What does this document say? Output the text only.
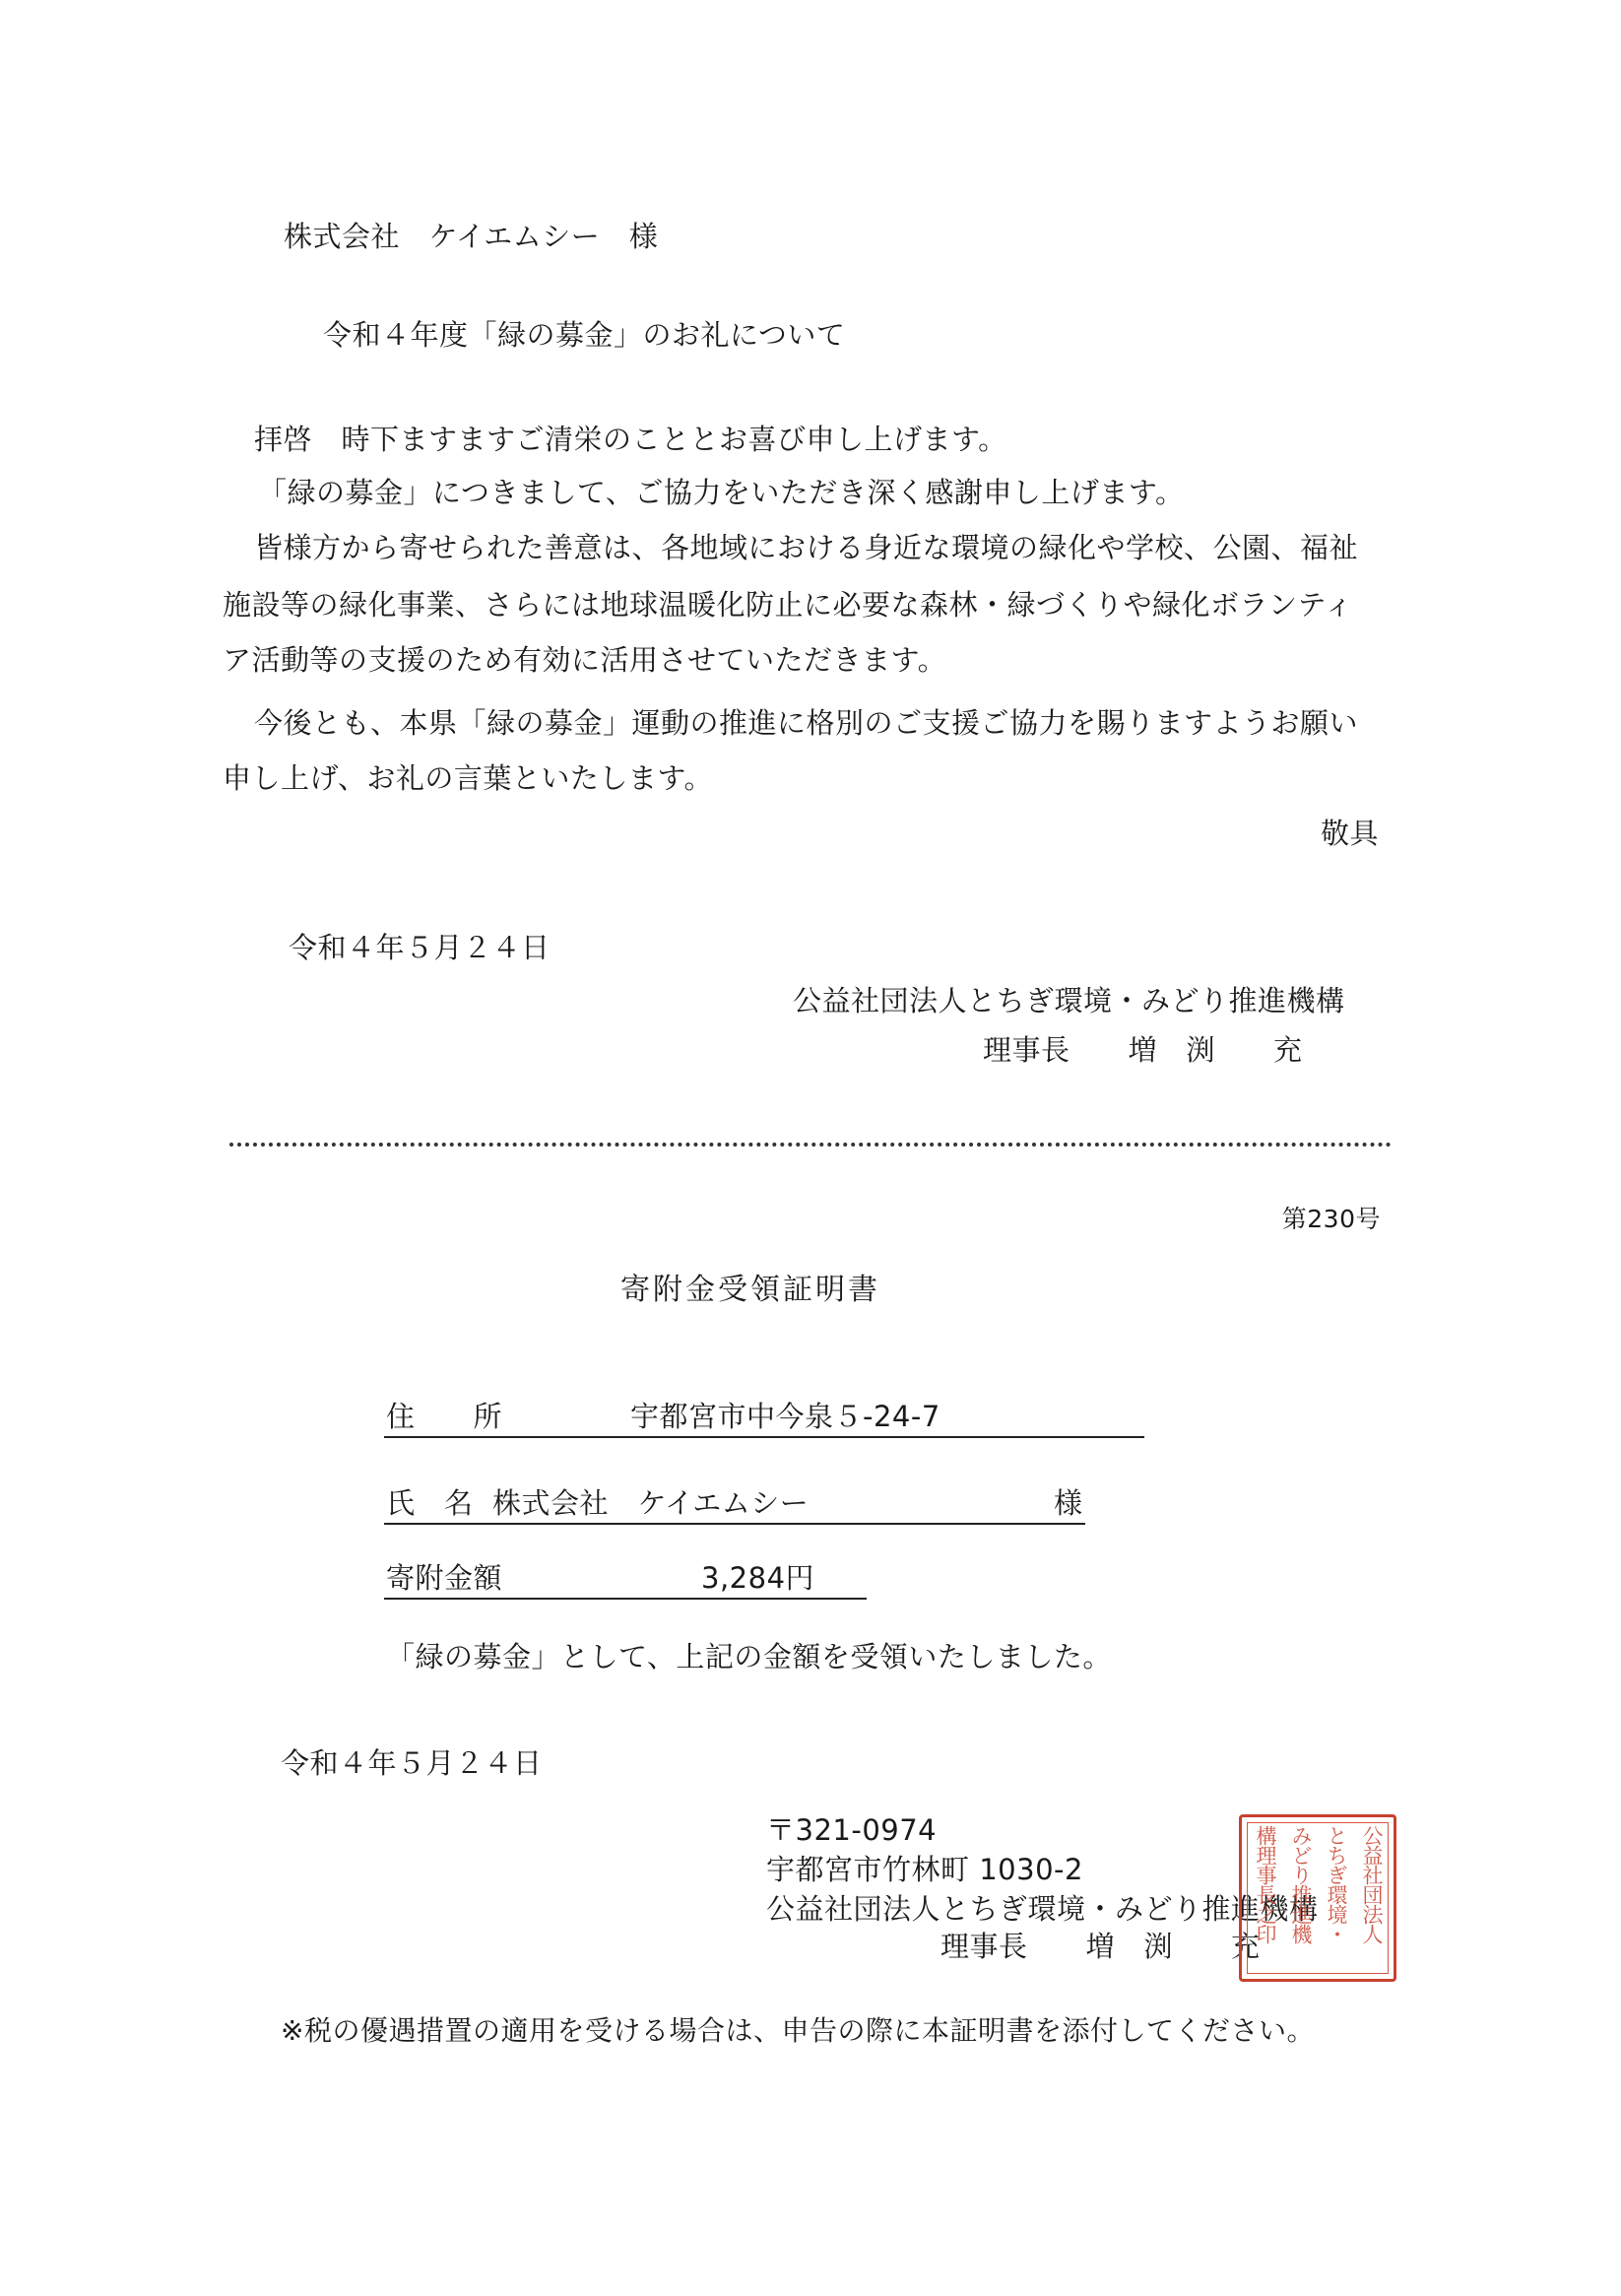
株式会社　ケイエムシー　様
令和４年度「緑の募金」のお礼について
拝啓　時下ますますご清栄のこととお喜び申し上げます。
「緑の募金」につきまして、ご協力をいただき深く感謝申し上げます。
皆様方から寄せられた善意は、各地域における身近な環境の緑化や学校、公園、福祉
施設等の緑化事業、さらには地球温暖化防止に必要な森林・緑づくりや緑化ボランティ
ア活動等の支援のため有効に活用させていただきます。
今後とも、本県「緑の募金」運動の推進に格別のご支援ご協力を賜りますようお願い
申し上げ、お礼の言葉といたします。
敬具
令和４年５月２４日
公益社団法人とちぎ環境・みどり推進機構
理事長　　増　渕　　充
第230号
寄附金受領証明書
住　　所	宇都宮市中今泉５-24-7
氏　名 株式会社　ケイエムシー	様
寄附金額	3,284円
「緑の募金」として、上記の金額を受領いたしました。
令和４年５月２４日
〒321-0974
宇都宮市竹林町 1030-2
公益社団法人とちぎ環境・みどり推進機構
理事長　　増　渕　　充
公益社団法人
とちぎ環境・
みどり推進機
構理事長之印
※税の優遇措置の適用を受ける場合は、申告の際に本証明書を添付してください。
